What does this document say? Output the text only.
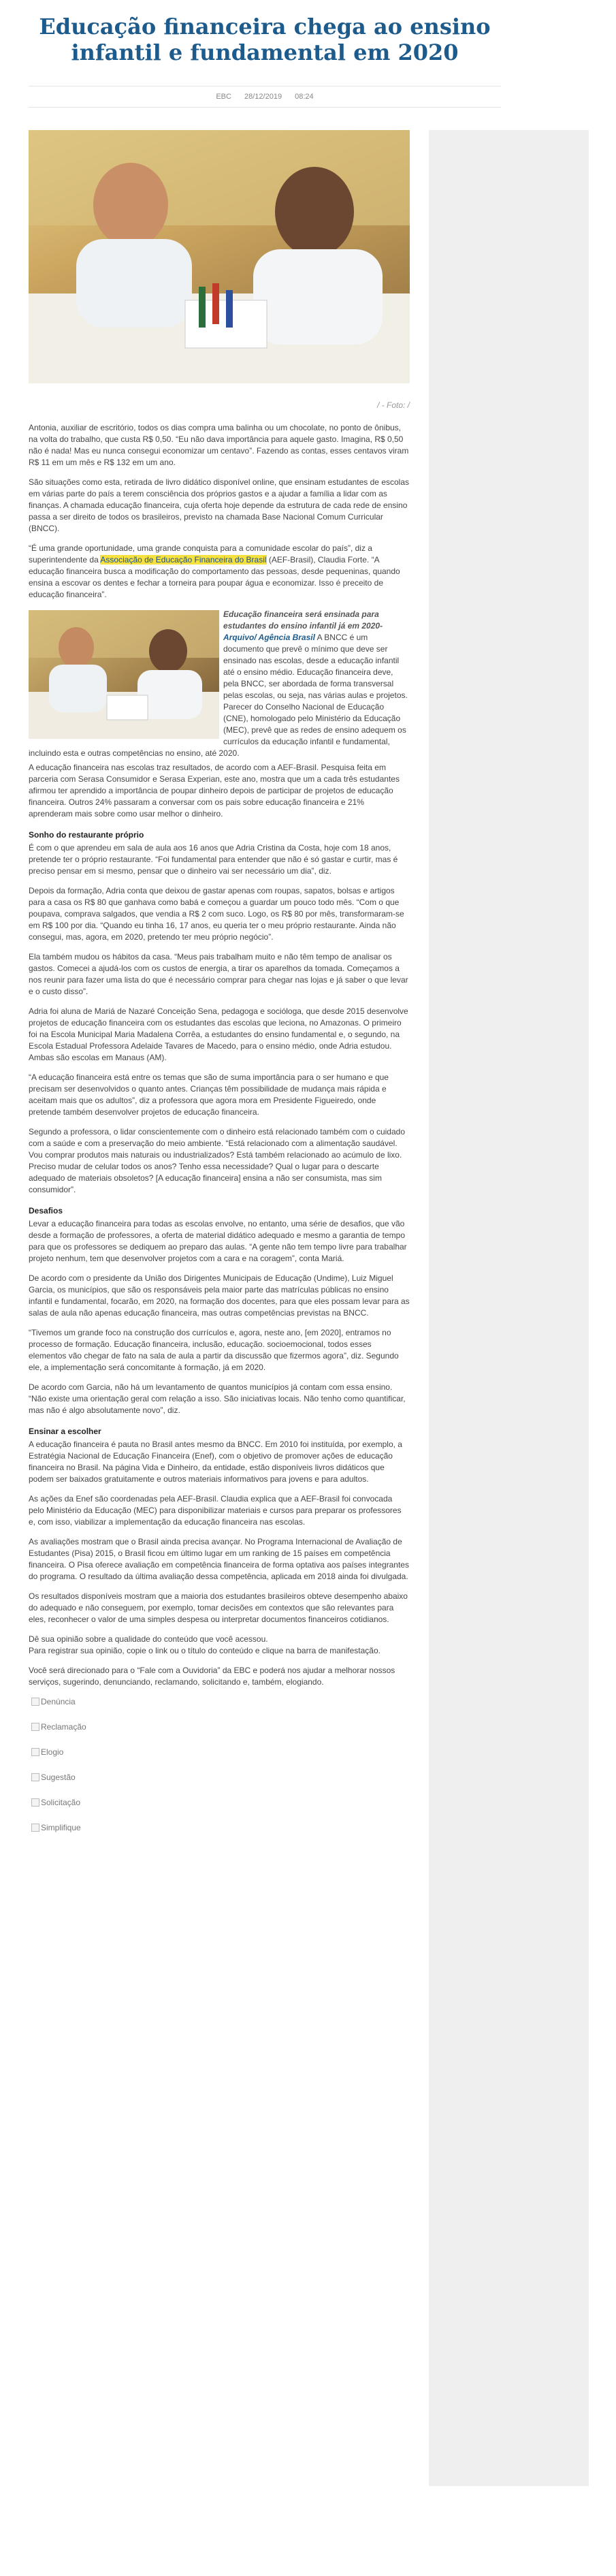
Educação financeira chega ao ensino infantil e fundamental em 2020
EBC 28/12/2019 08:24
/ - Foto: /

Antonia, auxiliar de escritório, todos os dias compra uma balinha ou um chocolate, no ponto de ônibus, na volta do trabalho, que custa R$ 0,50. “Eu não dava importância para aquele gasto. Imagina, R$ 0,50 não é nada! Mas eu nunca consegui economizar um centavo”. Fazendo as contas, esses centavos viram R$ 11 em um mês e R$ 132 em um ano.

São situações como esta, retirada de livro didático disponível online, que ensinam estudantes de escolas em várias parte do país a terem consciência dos próprios gastos e a ajudar a família a lidar com as finanças. A chamada educação financeira, cuja oferta hoje depende da estrutura de cada rede de ensino passa a ser direito de todos os brasileiros, previsto na chamada Base Nacional Comum Curricular (BNCC).

“É uma grande oportunidade, uma grande conquista para a comunidade escolar do país”, diz a superintendente da Associação de Educação Financeira do Brasil (AEF-Brasil), Claudia Forte. “A educação financeira busca a modificação do comportamento das pessoas, desde pequeninas, quando ensina a escovar os dentes e fechar a torneira para poupar água e economizar. Isso é preceito de educação financeira”.

Educação financeira será ensinada para estudantes do ensino infantil já em 2020- Arquivo/ Agência Brasil A BNCC é um documento que prevê o mínimo que deve ser ensinado nas escolas, desde a educação infantil até o ensino médio. Educação financeira deve, pela BNCC, ser abordada de forma transversal pelas escolas, ou seja, nas várias aulas e projetos. Parecer do Conselho Nacional de Educação (CNE), homologado pelo Ministério da Educação (MEC), prevê que as redes de ensino adequem os currículos da educação infantil e fundamental, incluindo esta e outras competências no ensino, até 2020.

A educação financeira nas escolas traz resultados, de acordo com a AEF-Brasil. Pesquisa feita em parceria com Serasa Consumidor e Serasa Experian, este ano, mostra que um a cada três estudantes afirmou ter aprendido a importância de poupar dinheiro depois de participar de projetos de educação financeira. Outros 24% passaram a conversar com os pais sobre educação financeira e 21% aprenderam mais sobre como usar melhor o dinheiro.

Sonho do restaurante próprio

É com o que aprendeu em sala de aula aos 16 anos que Adria Cristina da Costa, hoje com 18 anos, pretende ter o próprio restaurante. “Foi fundamental para entender que não é só gastar e curtir, mas é preciso pensar em si mesmo, pensar que o dinheiro vai ser necessário um dia”, diz.

Depois da formação, Adria conta que deixou de gastar apenas com roupas, sapatos, bolsas e artigos para a casa os R$ 80 que ganhava como babá e começou a guardar um pouco todo mês. “Com o que poupava, comprava salgados, que vendia a R$ 2 com suco. Logo, os R$ 80 por mês, transformaram-se em R$ 100 por dia. “Quando eu tinha 16, 17 anos, eu queria ter o meu próprio restaurante. Ainda não consegui, mas, agora, em 2020, pretendo ter meu próprio negócio”.

Ela também mudou os hábitos da casa. “Meus pais trabalham muito e não têm tempo de analisar os gastos. Comecei a ajudá-los com os custos de energia, a tirar os aparelhos da tomada. Começamos a nos reunir para fazer uma lista do que é necessário comprar para chegar nas lojas e já saber o que levar e o custo disso”.

Adria foi aluna de Mariá de Nazaré Conceição Sena, pedagoga e socióloga, que desde 2015 desenvolve projetos de educação financeira com os estudantes das escolas que leciona, no Amazonas. O primeiro foi na Escola Municipal Maria Madalena Corrêa, a estudantes do ensino fundamental e, o segundo, na Escola Estadual Professora Adelaide Tavares de Macedo, para o ensino médio, onde Adria estudou. Ambas são escolas em Manaus (AM).

“A educação financeira está entre os temas que são de suma importância para o ser humano e que precisam ser desenvolvidos o quanto antes. Crianças têm possibilidade de mudança mais rápida e aceitam mais que os adultos”, diz a professora que agora mora em Presidente Figueiredo, onde pretende também desenvolver projetos de educação financeira.

Segundo a professora, o lidar conscientemente com o dinheiro está relacionado também com o cuidado com a saúde e com a preservação do meio ambiente. “Está relacionado com a alimentação saudável. Vou comprar produtos mais naturais ou industrializados? Está também relacionado ao acúmulo de lixo. Preciso mudar de celular todos os anos? Tenho essa necessidade? Qual o lugar para o descarte adequado de materiais obsoletos? [A educação financeira] ensina a não ser consumista, mas sim consumidor”.

Desafios

Levar a educação financeira para todas as escolas envolve, no entanto, uma série de desafios, que vão desde a formação de professores, a oferta de material didático adequado e mesmo a garantia de tempo para que os professores se dediquem ao preparo das aulas. “A gente não tem tempo livre para trabalhar projeto nenhum, tem que desenvolver projetos com a cara e na coragem”, conta Mariá.

De acordo com o presidente da União dos Dirigentes Municipais de Educação (Undime), Luiz Miguel Garcia, os municípios, que são os responsáveis pela maior parte das matrículas públicas no ensino infantil e fundamental, focarão, em 2020, na formação dos docentes, para que eles possam levar para as salas de aula não apenas educação financeira, mas outras competências previstas na BNCC.

“Tivemos um grande foco na construção dos currículos e, agora, neste ano, [em 2020], entramos no processo de formação. Educação financeira, inclusão, educação. socioemocional, todos esses elementos vão chegar de fato na sala de aula a partir da discussão que fizermos agora”, diz. Segundo ele, a implementação será concomitante à formação, já em 2020.

De acordo com Garcia, não há um levantamento de quantos municípios já contam com essa ensino. “Não existe uma orientação geral com relação a isso. São iniciativas locais. Não tenho como quantificar, mas não é algo absolutamente novo”, diz.

Ensinar a escolher

A educação financeira é pauta no Brasil antes mesmo da BNCC. Em 2010 foi instituída, por exemplo, a Estratégia Nacional de Educação Financeira (Enef), com o objetivo de promover ações de educação financeira no Brasil. Na página Vida e Dinheiro, da entidade, estão disponíveis livros didáticos que podem ser baixados gratuitamente e outros materiais informativos para jovens e para adultos.

As ações da Enef são coordenadas pela AEF-Brasil. Claudia explica que a AEF-Brasil foi convocada pelo Ministério da Educação (MEC) para disponibilizar materiais e cursos para preparar os professores e, com isso, viabilizar a implementação da educação financeira nas escolas.

As avaliações mostram que o Brasil ainda precisa avançar. No Programa Internacional de Avaliação de Estudantes (Pisa) 2015, o Brasil ficou em último lugar em um ranking de 15 países em competência financeira. O Pisa oferece avaliação em competência financeira de forma optativa aos países integrantes do programa. O resultado da última avaliação dessa competência, aplicada em 2018 ainda foi divulgada.

Os resultados disponíveis mostram que a maioria dos estudantes brasileiros obteve desempenho abaixo do adequado e não conseguem, por exemplo, tomar decisões em contextos que são relevantes para eles, reconhecer o valor de uma simples despesa ou interpretar documentos financeiros cotidianos.

Dê sua opinião sobre a qualidade do conteúdo que você acessou.
Para registrar sua opinião, copie o link ou o título do conteúdo e clique na barra de manifestação.

Você será direcionado para o “Fale com a Ouvidoria” da EBC e poderá nos ajudar a melhorar nossos serviços, sugerindo, denunciando, reclamando, solicitando e, também, elogiando.

Denúncia
Reclamação
Elogio
Sugestão
Solicitação
Simplifique
